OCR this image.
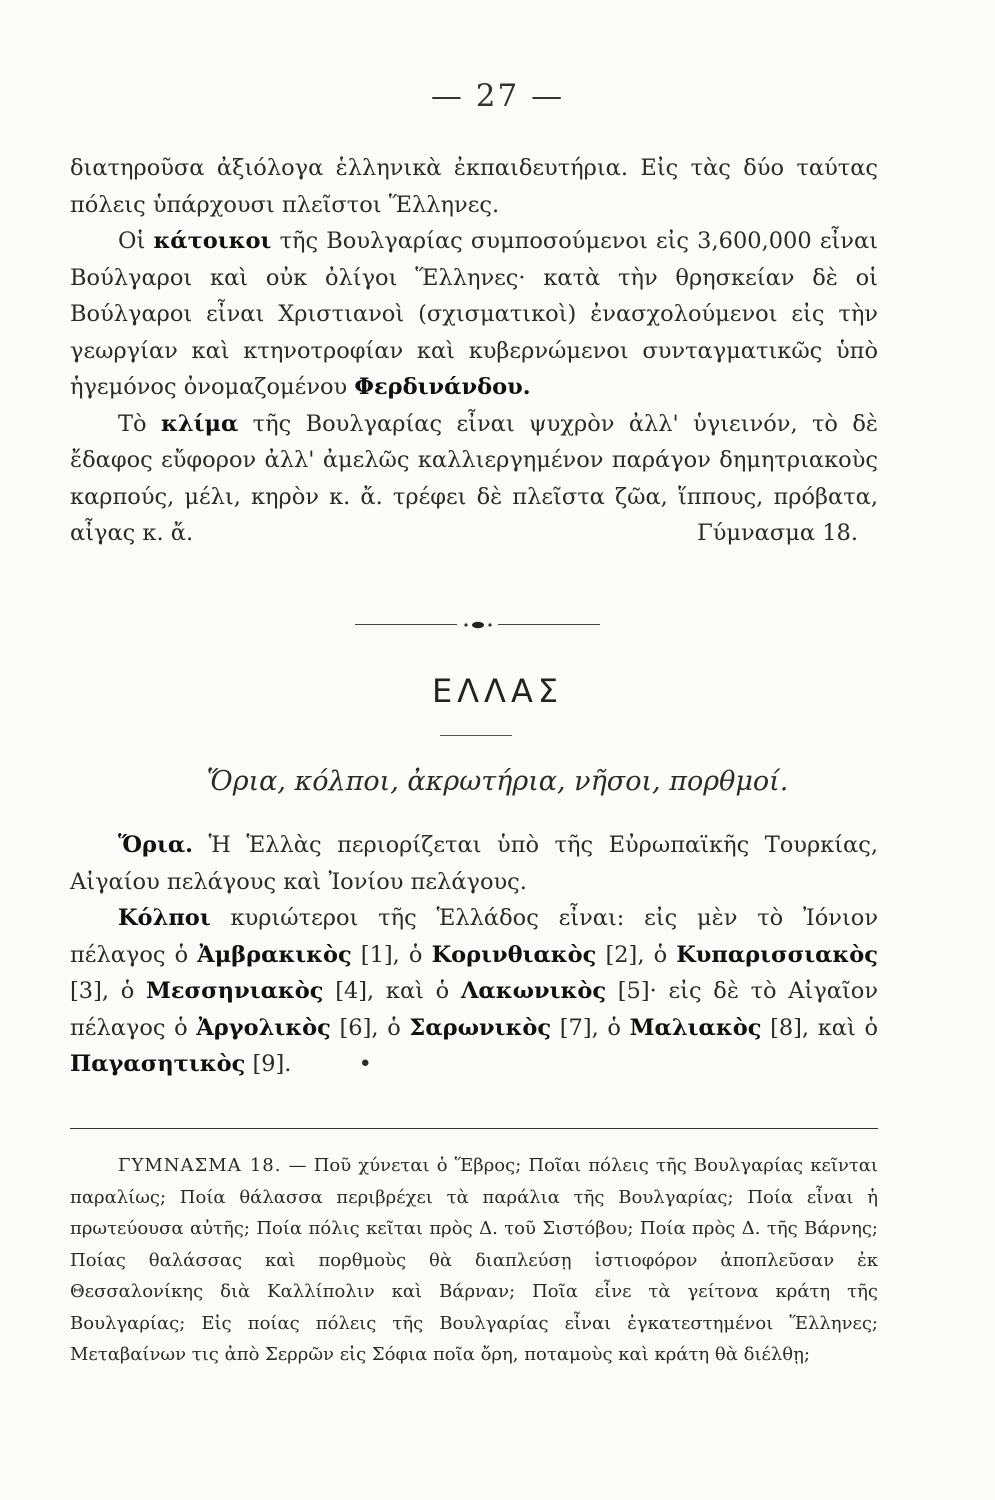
— 27 —

διατηροῦσα ἀξιόλογα ἑλληνικὰ ἐκπαιδευτήρια. Εἰς τὰς δύο ταύτας πόλεις ὑπάρχουσι πλεῖστοι Ἕλληνες.

Οἱ κάτοικοι τῆς Βουλγαρίας συμποσούμενοι εἰς 3,600,000 εἶναι Βούλγαροι καὶ οὐκ ὀλίγοι Ἕλληνες· κατὰ τὴν θρησκείαν δὲ οἱ Βούλγαροι εἶναι Χριστιανοὶ (σχισματικοὶ) ἐνασχολούμενοι εἰς τὴν γεωργίαν καὶ κτηνοτροφίαν καὶ κυβερνώμενοι συνταγματικῶς ὑπὸ ἡγεμόνος ὀνομαζομένου Φερδινάνδου.

Τὸ κλίμα τῆς Βουλγαρίας εἶναι ψυχρὸν ἀλλ' ὑγιεινόν, τὸ δὲ ἔδαφος εὔφορον ἀλλ' ἀμελῶς καλλιεργημένον παράγον δημητριακοὺς καρπούς, μέλι, κηρὸν κ. ἄ. τρέφει δὲ πλεῖστα ζῶα, ἵππους, πρόβατα, αἶγας κ. ἄ.	Γύμνασμα 18.

ΕΛΛΑΣ
Ὅρια, κόλποι, ἀκρωτήρια, νῆσοι, πορθμοί.

Ὅρια. Ἡ Ἑλλὰς περιορίζεται ὑπὸ τῆς Εὐρωπαϊκῆς Τουρκίας, Αἰγαίου πελάγους καὶ Ἰονίου πελάγους.

Κόλποι κυριώτεροι τῆς Ἑλλάδος εἶναι: εἰς μὲν τὸ Ἰόνιον πέλαγος ὁ Ἀμβρακικὸς [1], ὁ Κορινθιακὸς [2], ὁ Κυπαρισσιακὸς [3], ὁ Μεσσηνιακὸς [4], καὶ ὁ Λακωνικὸς [5]· εἰς δὲ τὸ Αἰγαῖον πέλαγος ὁ Ἀργολικὸς [6], ὁ Σαρωνικὸς [7], ὁ Μαλιακὸς [8], καὶ ὁ Παγασητικὸς [9].	•

ΓΥΜΝΑΣΜΑ 18. — Ποῦ χύνεται ὁ Ἕβρος; Ποῖαι πόλεις τῆς Βουλγαρίας κεῖνται παραλίως; Ποία θάλασσα περιβρέχει τὰ παράλια τῆς Βουλγαρίας; Ποία εἶναι ἡ πρωτεύουσα αὐτῆς; Ποία πόλις κεῖται πρὸς Δ. τοῦ Σιστόβου; Ποία πρὸς Δ. τῆς Βάρνης; Ποίας θαλάσσας καὶ πορθμοὺς θὰ διαπλεύσῃ ἱστιοφόρον ἀποπλεῦσαν ἐκ Θεσσαλονίκης διὰ Καλλίπολιν καὶ Βάρναν; Ποῖα εἶνε τὰ γείτονα κράτη τῆς Βουλγαρίας; Εἰς ποίας πόλεις τῆς Βουλγαρίας εἶναι ἐγκατεστημένοι Ἕλληνες; Μεταβαίνων τις ἀπὸ Σερρῶν εἰς Σόφια ποῖα ὄρη, ποταμοὺς καὶ κράτη θὰ διέλθῃ;
